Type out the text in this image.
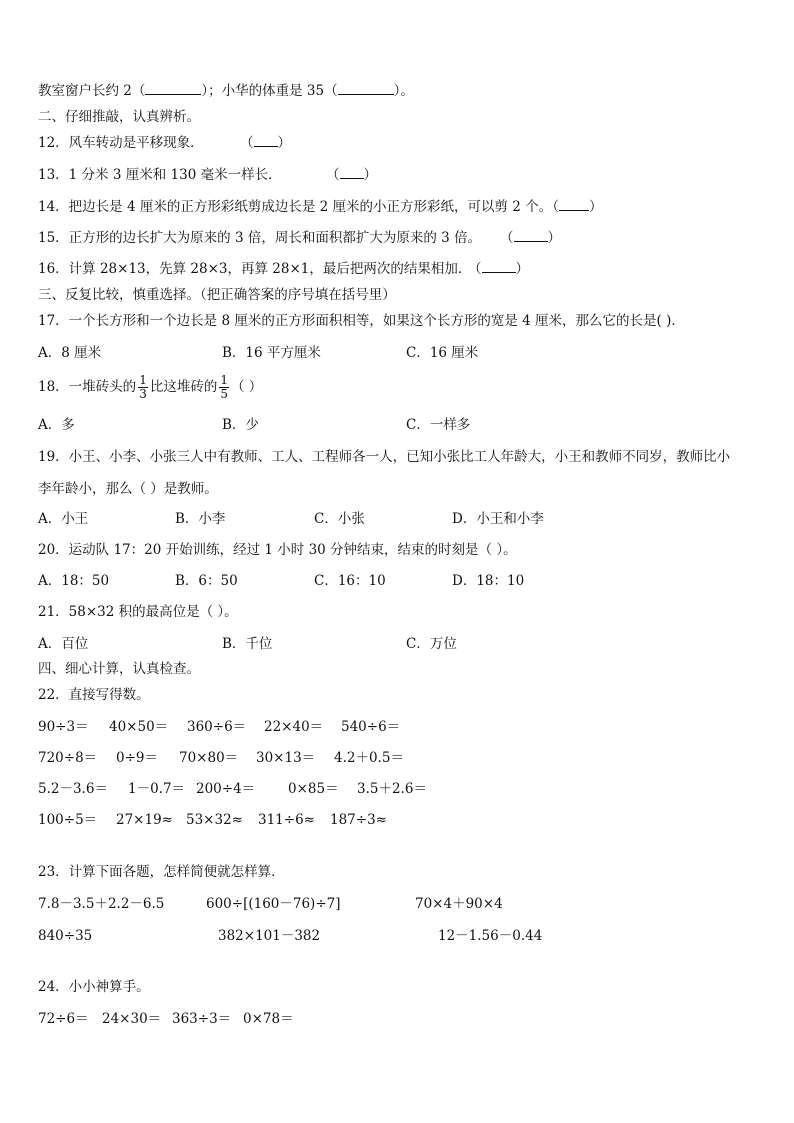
教室窗户长约 2（	）；小华的体重是 35（	）。
二、仔细推敲，认真辨析。
12．风车转动是平移现象．	（ ）
13．1 分米 3 厘米和 130 毫米一样长．	（ ）
14．把边长是 4 厘米的正方形彩纸剪成边长是 2 厘米的小正方形彩纸，可以剪 2 个。（ ）
15．正方形的边长扩大为原来的 3 倍，周长和面积都扩大为原来的 3 倍。 （	）
16．计算 28×13，先算 28×3，再算 28×1，最后把两次的结果相加．
（	）
三、反复比较，慎重选择。（把正确答案的序号填在括号里）
17．一个长方形和一个边长是 8 厘米的正方形面积相等，如果这个长方形的宽是 4 厘米，那么它的长是( )．
A．8 厘米	B．16 平方厘米	C．16 厘米
18．一堆砖头的 $\frac{1}{3}$ 比这堆砖的 $\frac{1}{5}$ （ ）
A．多	B．少	C．一样多
19．小王、小李、小张三人中有教师、工人、工程师各一人，已知小张比工人年龄大，小王和教师不同岁，教师比小
李年龄小，那么（ ）是教师。
A．小王	B．小李	C．小张	D．小王和小李
20．运动队 17：20 开始训练，经过 1 小时 30 分钟结束，结束的时刻是（ ）。
A．18：50	B．6：50	C．16：10	D．18：10
21．58×32 积的最高位是（ ）。
A．百位	B．千位	C．万位
四、细心计算，认真检查。
22．直接写得数。
90÷3＝ 40×50＝ 360÷6＝ 22×40＝ 540÷6＝
720÷8＝ 0÷9＝ 70×80＝ 30×13＝ 4.2＋0.5＝
5.2－3.6＝ 1－0.7＝ 200÷4＝ 0×85＝ 3.5＋2.6＝
100÷5＝ 27×19≈ 53×32≈ 311÷6≈ 187÷3≈
23．计算下面各题，怎样简便就怎样算．
7.8－3.5＋2.2－6.5	600÷[(160－76)÷7]	70×4＋90×4
840÷35	382×101－382	12－1.56－0.44
24．小小神算手。
72÷6＝ 24×30＝ 363÷3＝ 0×78＝
